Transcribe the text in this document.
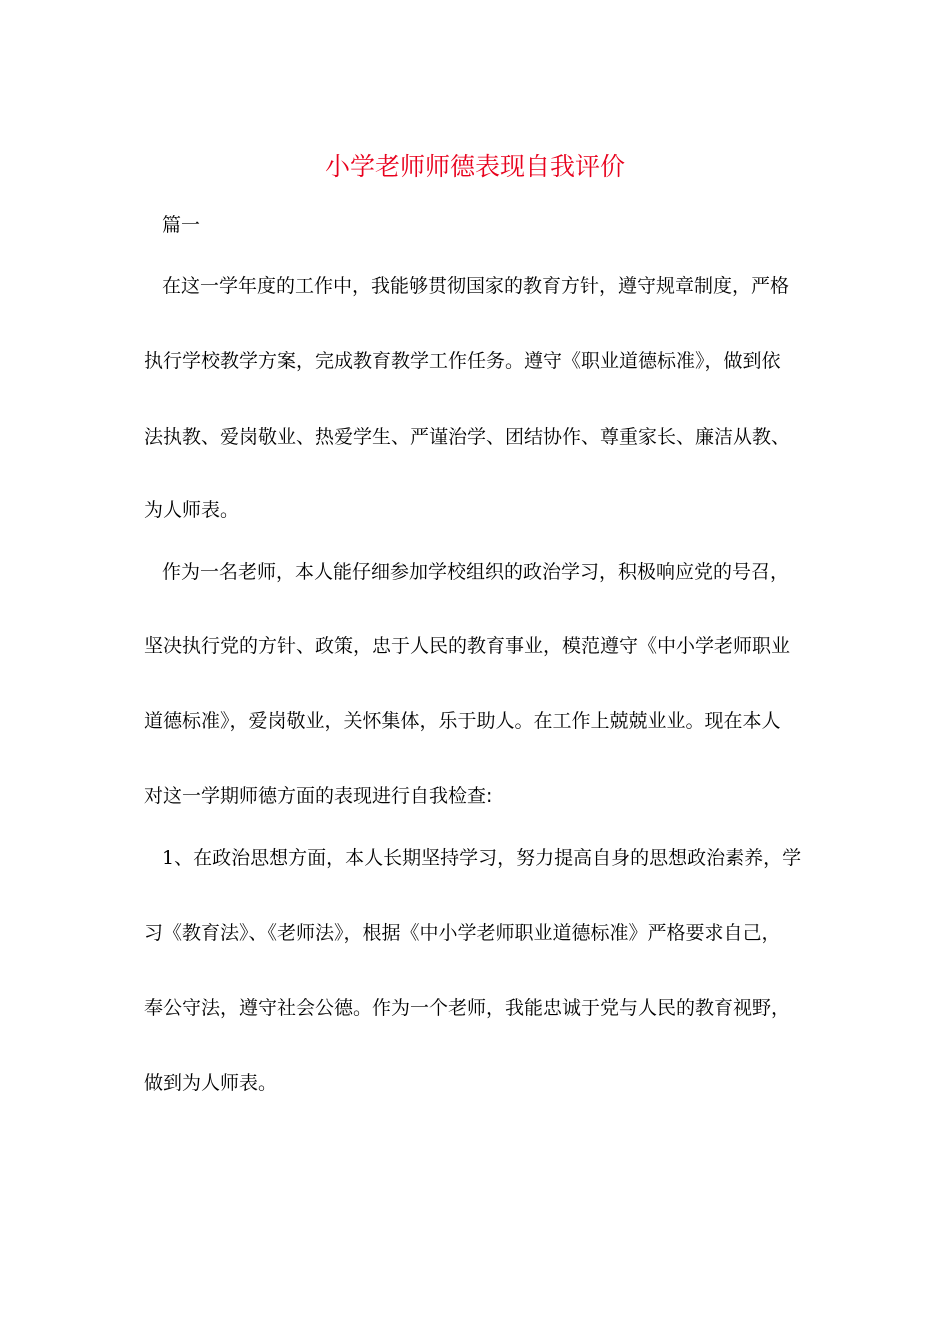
小学老师师德表现自我评价
篇一
在这一学年度的工作中，我能够贯彻国家的教育方针，遵守规章制度，严格
执行学校教学方案，完成教育教学工作任务。遵守《职业道德标准》，做到依
法执教、爱岗敬业、热爱学生、严谨治学、团结协作、尊重家长、廉洁从教、
为人师表。
作为一名老师，本人能仔细参加学校组织的政治学习，积极响应党的号召，
坚决执行党的方针、政策，忠于人民的教育事业，模范遵守《中小学老师职业
道德标准》，爱岗敬业，关怀集体，乐于助人。在工作上兢兢业业。现在本人
对这一学期师德方面的表现进行自我检查:
1、在政治思想方面，本人长期坚持学习，努力提高自身的思想政治素养，学
习《教育法》、《老师法》，根据《中小学老师职业道德标准》严格要求自己，
奉公守法，遵守社会公德。作为一个老师，我能忠诚于党与人民的教育视野，
做到为人师表。
